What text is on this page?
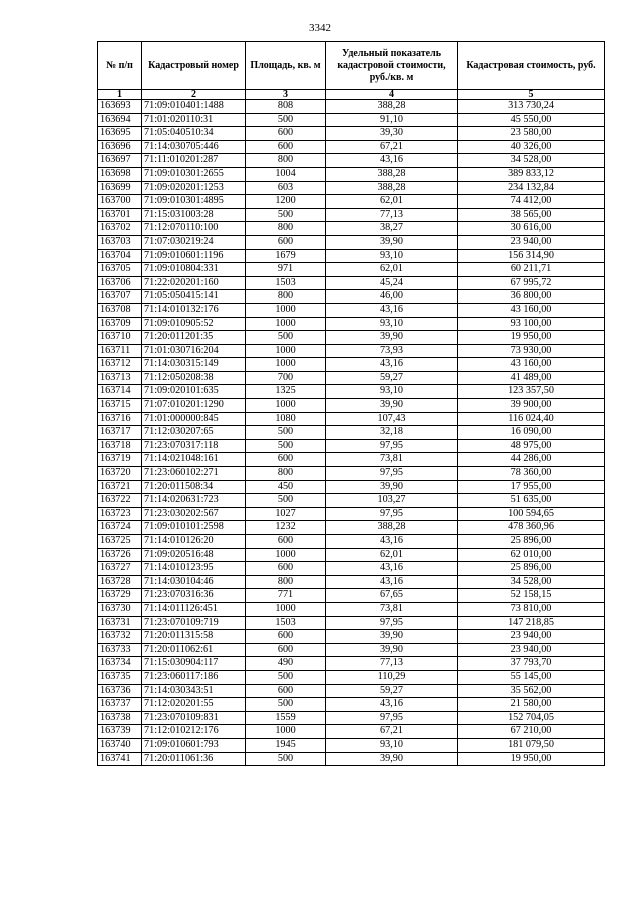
3342
№ п/п	Кадастровый номер	Площадь, кв. м	Удельный показатель кадастровой стоимости, руб./кв. м	Кадастровая стоимость, руб.
1	2	3	4	5
163693	71:09:010401:1488	808	388,28	313 730,24
163694	71:01:020110:31	500	91,10	45 550,00
163695	71:05:040510:34	600	39,30	23 580,00
163696	71:14:030705:446	600	67,21	40 326,00
163697	71:11:010201:287	800	43,16	34 528,00
163698	71:09:010301:2655	1004	388,28	389 833,12
163699	71:09:020201:1253	603	388,28	234 132,84
163700	71:09:010301:4895	1200	62,01	74 412,00
163701	71:15:031003:28	500	77,13	38 565,00
163702	71:12:070110:100	800	38,27	30 616,00
163703	71:07:030219:24	600	39,90	23 940,00
163704	71:09:010601:1196	1679	93,10	156 314,90
163705	71:09:010804:331	971	62,01	60 211,71
163706	71:22:020201:160	1503	45,24	67 995,72
163707	71:05:050415:141	800	46,00	36 800,00
163708	71:14:010132:176	1000	43,16	43 160,00
163709	71:09:010905:52	1000	93,10	93 100,00
163710	71:20:011201:35	500	39,90	19 950,00
163711	71:01:030716:204	1000	73,93	73 930,00
163712	71:14:030315:149	1000	43,16	43 160,00
163713	71:12:050208:38	700	59,27	41 489,00
163714	71:09:020101:635	1325	93,10	123 357,50
163715	71:07:010201:1290	1000	39,90	39 900,00
163716	71:01:000000:845	1080	107,43	116 024,40
163717	71:12:030207:65	500	32,18	16 090,00
163718	71:23:070317:118	500	97,95	48 975,00
163719	71:14:021048:161	600	73,81	44 286,00
163720	71:23:060102:271	800	97,95	78 360,00
163721	71:20:011508:34	450	39,90	17 955,00
163722	71:14:020631:723	500	103,27	51 635,00
163723	71:23:030202:567	1027	97,95	100 594,65
163724	71:09:010101:2598	1232	388,28	478 360,96
163725	71:14:010126:20	600	43,16	25 896,00
163726	71:09:020516:48	1000	62,01	62 010,00
163727	71:14:010123:95	600	43,16	25 896,00
163728	71:14:030104:46	800	43,16	34 528,00
163729	71:23:070316:36	771	67,65	52 158,15
163730	71:14:011126:451	1000	73,81	73 810,00
163731	71:23:070109:719	1503	97,95	147 218,85
163732	71:20:011315:58	600	39,90	23 940,00
163733	71:20:011062:61	600	39,90	23 940,00
163734	71:15:030904:117	490	77,13	37 793,70
163735	71:23:060117:186	500	110,29	55 145,00
163736	71:14:030343:51	600	59,27	35 562,00
163737	71:12:020201:55	500	43,16	21 580,00
163738	71:23:070109:831	1559	97,95	152 704,05
163739	71:12:010212:176	1000	67,21	67 210,00
163740	71:09:010601:793	1945	93,10	181 079,50
163741	71:20:011061:36	500	39,90	19 950,00
